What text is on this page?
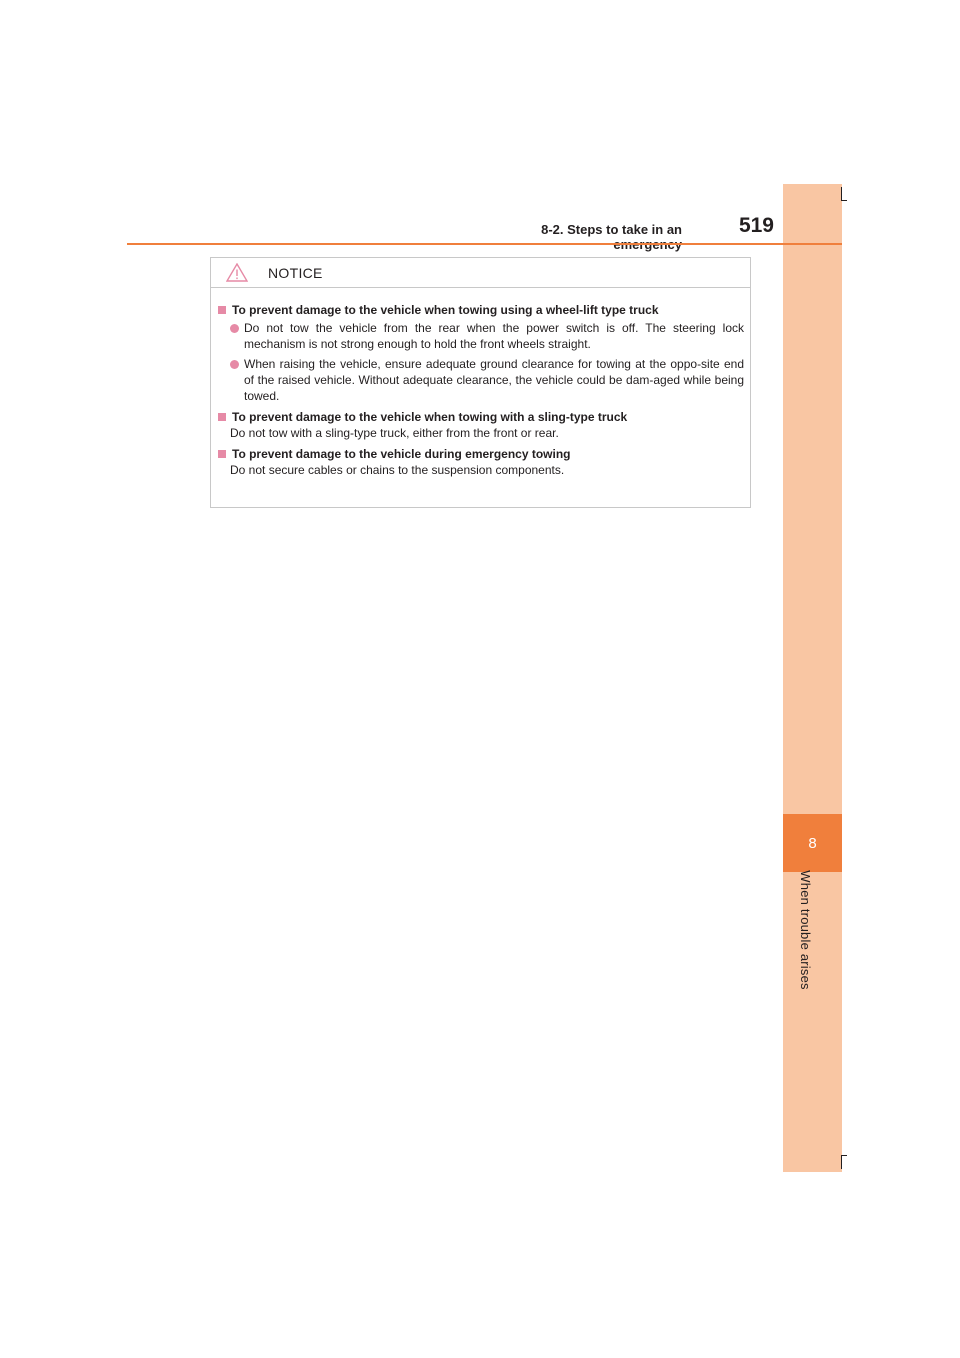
8
When trouble arises
8-2. Steps to take in an	519
NOTICE
To prevent damage to the vehicle when towing using a wheel-lift type truck
Do not tow the vehicle from the rear when the power switch is off. The steering lock mechanism is not strong enough to hold the front wheels straight.
When raising the vehicle, ensure adequate ground clearance for towing at the oppo-site end of the raised vehicle. Without adequate clearance, the vehicle could be dam-aged while being towed.
To prevent damage to the vehicle when towing with a sling-type truck
Do not tow with a sling-type truck, either from the front or rear.
To prevent damage to the vehicle during emergency towing
Do not secure cables or chains to the suspension components.
